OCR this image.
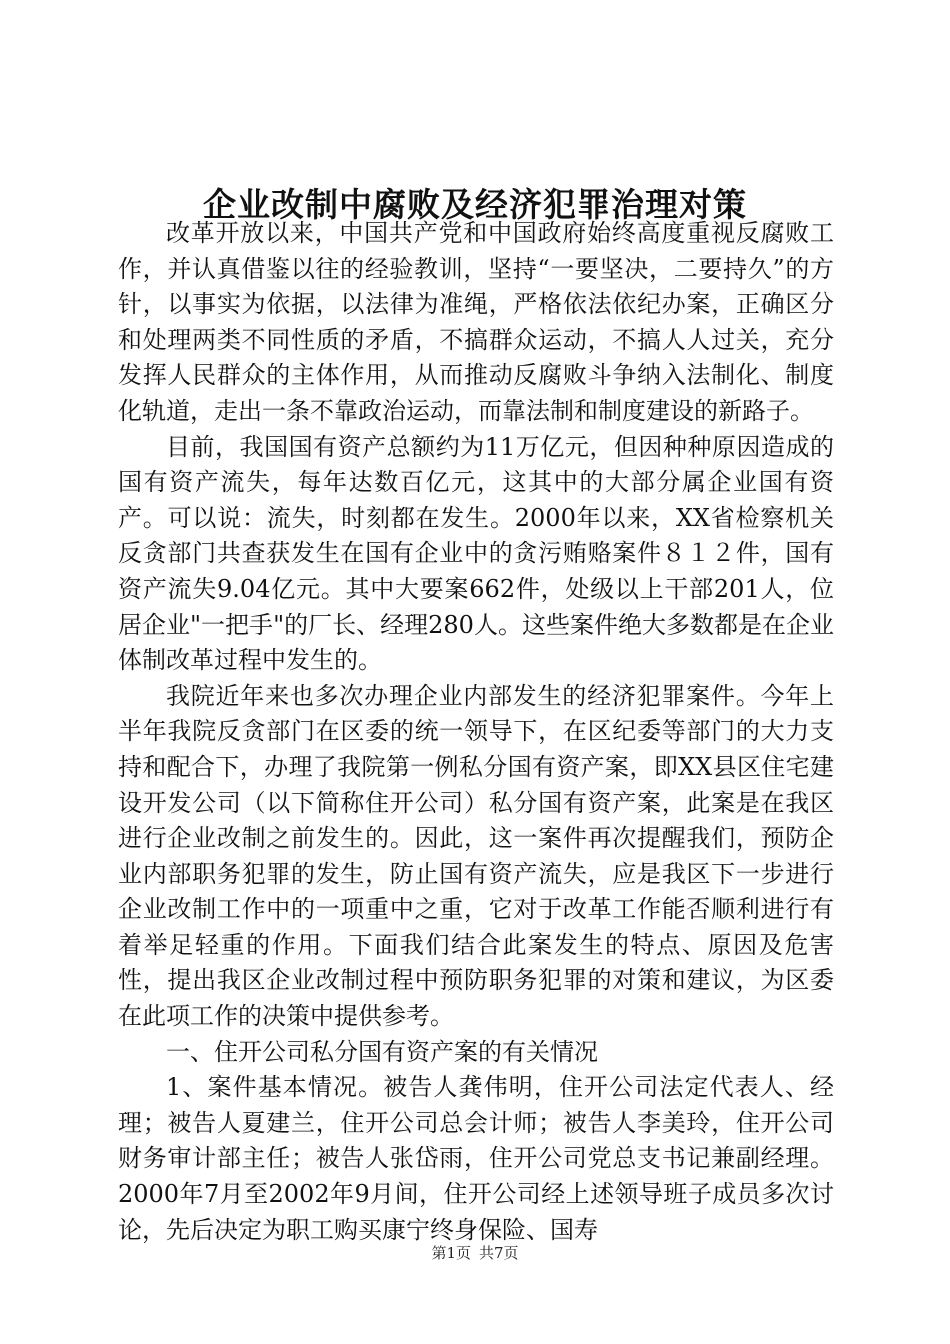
企业改制中腐败及经济犯罪治理对策

改革开放以来，中国共产党和中国政府始终高度重视反腐败工作，并认真借鉴以往的经验教训，坚持“一要坚决，二要持久”的方针，以事实为依据，以法律为准绳，严格依法依纪办案，正确区分和处理两类不同性质的矛盾，不搞群众运动，不搞人人过关，充分发挥人民群众的主体作用，从而推动反腐败斗争纳入法制化、制度化轨道，走出一条不靠政治运动，而靠法制和制度建设的新路子。

目前，我国国有资产总额约为11万亿元，但因种种原因造成的国有资产流失，每年达数百亿元，这其中的大部分属企业国有资产。可以说：流失，时刻都在发生。2000年以来，XX省检察机关反贪部门共查获发生在国有企业中的贪污贿赂案件８１２件，国有资产流失9.04亿元。其中大要案662件，处级以上干部201人，位居企业"一把手"的厂长、经理280人。这些案件绝大多数都是在企业体制改革过程中发生的。

我院近年来也多次办理企业内部发生的经济犯罪案件。今年上半年我院反贪部门在区委的统一领导下，在区纪委等部门的大力支持和配合下，办理了我院第一例私分国有资产案，即XX县区住宅建设开发公司（以下简称住开公司）私分国有资产案，此案是在我区进行企业改制之前发生的。因此，这一案件再次提醒我们，预防企业内部职务犯罪的发生，防止国有资产流失，应是我区下一步进行企业改制工作中的一项重中之重，它对于改革工作能否顺利进行有着举足轻重的作用。下面我们结合此案发生的特点、原因及危害性，提出我区企业改制过程中预防职务犯罪的对策和建议，为区委在此项工作的决策中提供参考。

一、住开公司私分国有资产案的有关情况

1、案件基本情况。被告人龚伟明，住开公司法定代表人、经理；被告人夏建兰，住开公司总会计师；被告人李美玲，住开公司财务审计部主任；被告人张岱雨，住开公司党总支书记兼副经理。2000年7月至2002年9月间，住开公司经上述领导班子成员多次讨论，先后决定为职工购买康宁终身保险、国寿

第1页 共7页
